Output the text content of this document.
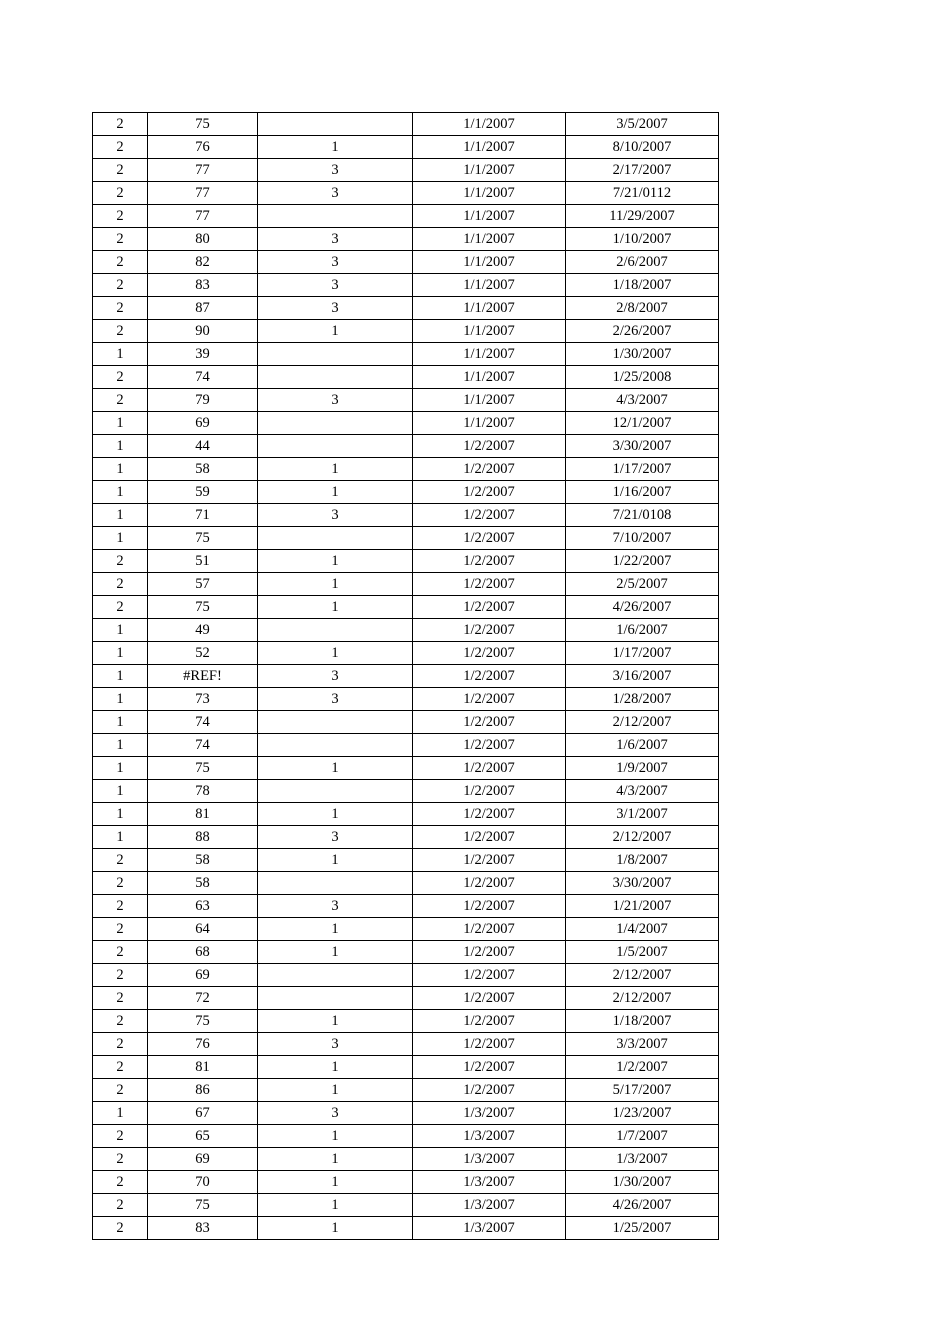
2	75		1/1/2007	3/5/2007
2	76	1	1/1/2007	8/10/2007
2	77	3	1/1/2007	2/17/2007
2	77	3	1/1/2007	7/21/0112
2	77		1/1/2007	11/29/2007
2	80	3	1/1/2007	1/10/2007
2	82	3	1/1/2007	2/6/2007
2	83	3	1/1/2007	1/18/2007
2	87	3	1/1/2007	2/8/2007
2	90	1	1/1/2007	2/26/2007
1	39		1/1/2007	1/30/2007
2	74		1/1/2007	1/25/2008
2	79	3	1/1/2007	4/3/2007
1	69		1/1/2007	12/1/2007
1	44		1/2/2007	3/30/2007
1	58	1	1/2/2007	1/17/2007
1	59	1	1/2/2007	1/16/2007
1	71	3	1/2/2007	7/21/0108
1	75		1/2/2007	7/10/2007
2	51	1	1/2/2007	1/22/2007
2	57	1	1/2/2007	2/5/2007
2	75	1	1/2/2007	4/26/2007
1	49		1/2/2007	1/6/2007
1	52	1	1/2/2007	1/17/2007
1	#REF!	3	1/2/2007	3/16/2007
1	73	3	1/2/2007	1/28/2007
1	74		1/2/2007	2/12/2007
1	74		1/2/2007	1/6/2007
1	75	1	1/2/2007	1/9/2007
1	78		1/2/2007	4/3/2007
1	81	1	1/2/2007	3/1/2007
1	88	3	1/2/2007	2/12/2007
2	58	1	1/2/2007	1/8/2007
2	58		1/2/2007	3/30/2007
2	63	3	1/2/2007	1/21/2007
2	64	1	1/2/2007	1/4/2007
2	68	1	1/2/2007	1/5/2007
2	69		1/2/2007	2/12/2007
2	72		1/2/2007	2/12/2007
2	75	1	1/2/2007	1/18/2007
2	76	3	1/2/2007	3/3/2007
2	81	1	1/2/2007	1/2/2007
2	86	1	1/2/2007	5/17/2007
1	67	3	1/3/2007	1/23/2007
2	65	1	1/3/2007	1/7/2007
2	69	1	1/3/2007	1/3/2007
2	70	1	1/3/2007	1/30/2007
2	75	1	1/3/2007	4/26/2007
2	83	1	1/3/2007	1/25/2007
